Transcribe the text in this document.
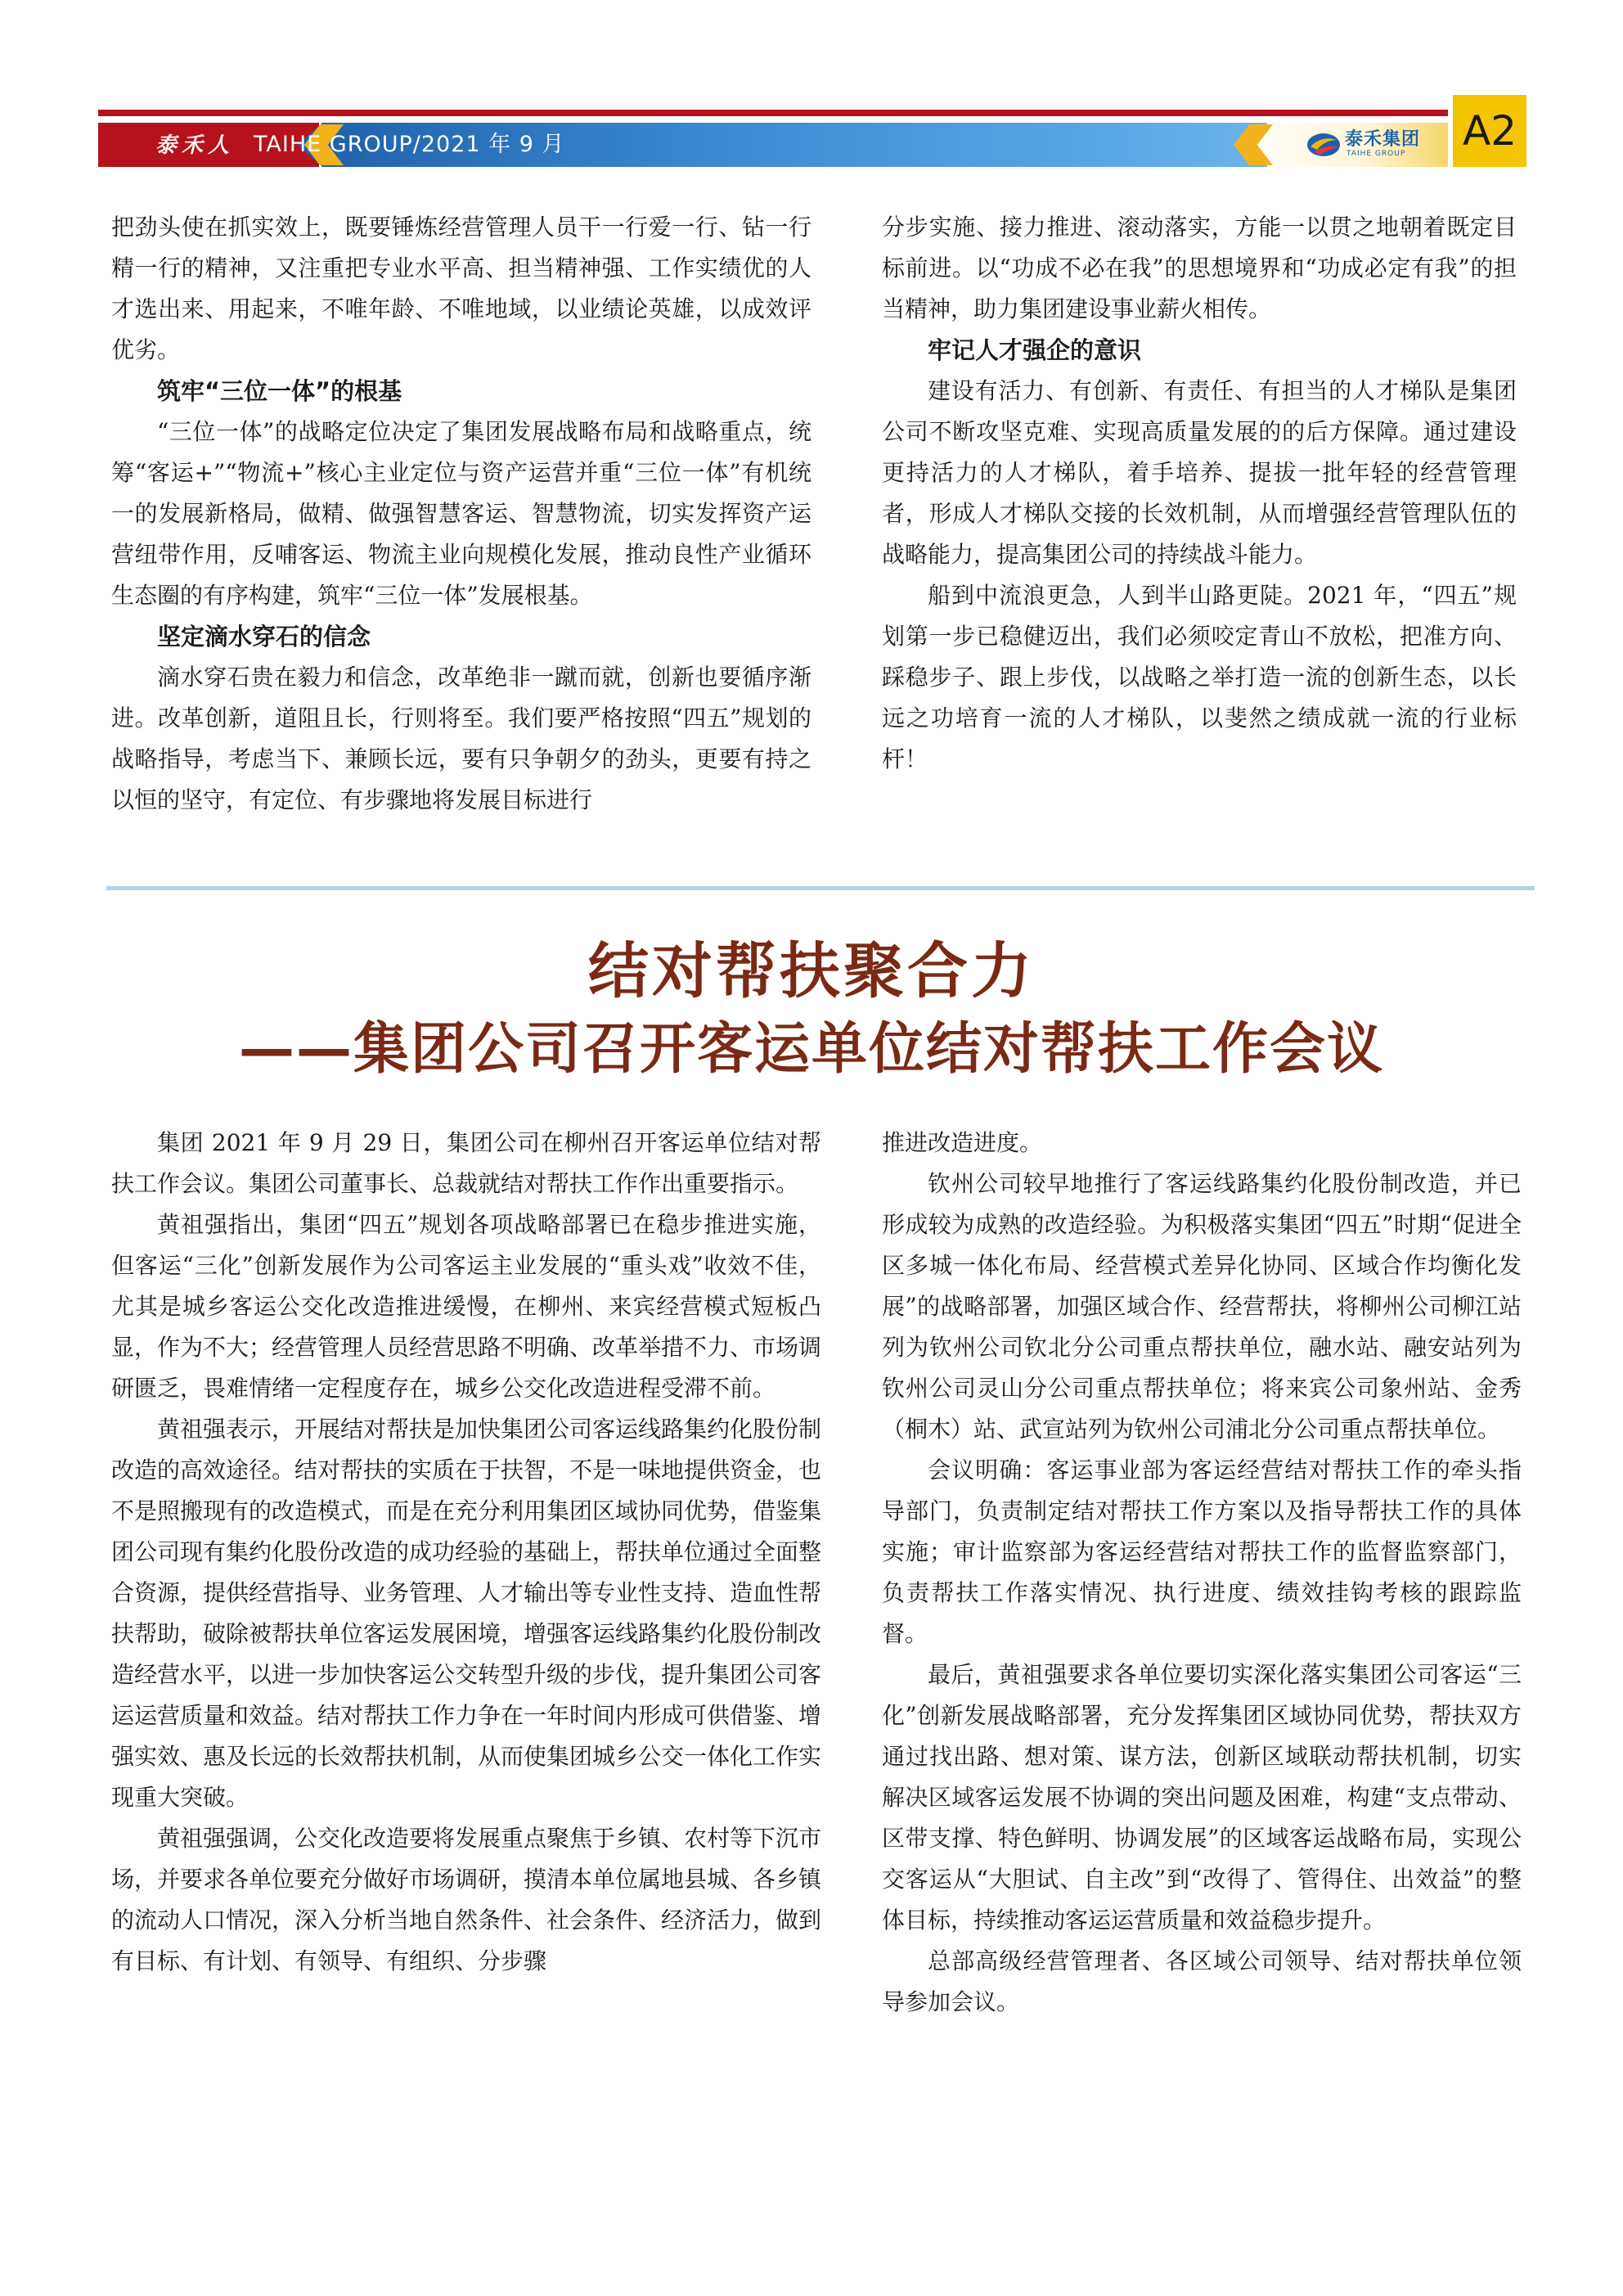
泰禾人 TAIHE GROUP/2021 年 9 月	泰禾集团
TAIHE GROUP A2

把劲头使在抓实效上，既要锤炼经营管理人员干一行爱一行、钻一行精一行的精神，又注重把专业水平高、担当精神强、工作实绩优的人才选出来、用起来，不唯年龄、不唯地域，以业绩论英雄，以成效评优劣。

筑牢“三位一体”的根基

“三位一体”的战略定位决定了集团发展战略布局和战略重点，统筹“客运+”“物流+”核心主业定位与资产运营并重“三位一体”有机统一的发展新格局，做精、做强智慧客运、智慧物流，切实发挥资产运营纽带作用，反哺客运、物流主业向规模化发展，推动良性产业循环生态圈的有序构建，筑牢“三位一体”发展根基。

坚定滴水穿石的信念

滴水穿石贵在毅力和信念，改革绝非一蹴而就，创新也要循序渐进。改革创新，道阻且长，行则将至。我们要严格按照“四五”规划的战略指导，考虑当下、兼顾长远，要有只争朝夕的劲头，更要有持之以恒的坚守，有定位、有步骤地将发展目标进行

分步实施、接力推进、滚动落实，方能一以贯之地朝着既定目标前进。以“功成不必在我”的思想境界和“功成必定有我”的担当精神，助力集团建设事业薪火相传。

牢记人才强企的意识

建设有活力、有创新、有责任、有担当的人才梯队是集团公司不断攻坚克难、实现高质量发展的的后方保障。通过建设更持活力的人才梯队，着手培养、提拔一批年轻的经营管理者，形成人才梯队交接的长效机制，从而增强经营管理队伍的战略能力，提高集团公司的持续战斗能力。

船到中流浪更急，人到半山路更陡。2021 年，“四五”规划第一步已稳健迈出，我们必须咬定青山不放松，把准方向、踩稳步子、跟上步伐，以战略之举打造一流的创新生态，以长远之功培育一流的人才梯队，以斐然之绩成就一流的行业标杆！

结对帮扶聚合力
——集团公司召开客运单位结对帮扶工作会议

集团 2021 年 9 月 29 日，集团公司在柳州召开客运单位结对帮扶工作会议。集团公司董事长、总裁就结对帮扶工作作出重要指示。

黄祖强指出，集团“四五”规划各项战略部署已在稳步推进实施，但客运“三化”创新发展作为公司客运主业发展的“重头戏”收效不佳，尤其是城乡客运公交化改造推进缓慢，在柳州、来宾经营模式短板凸显，作为不大；经营管理人员经营思路不明确、改革举措不力、市场调研匮乏，畏难情绪一定程度存在，城乡公交化改造进程受滞不前。

黄祖强表示，开展结对帮扶是加快集团公司客运线路集约化股份制改造的高效途径。结对帮扶的实质在于扶智，不是一味地提供资金，也不是照搬现有的改造模式，而是在充分利用集团区域协同优势，借鉴集团公司现有集约化股份改造的成功经验的基础上，帮扶单位通过全面整合资源，提供经营指导、业务管理、人才输出等专业性支持、造血性帮扶帮助，破除被帮扶单位客运发展困境，增强客运线路集约化股份制改造经营水平，以进一步加快客运公交转型升级的步伐，提升集团公司客运运营质量和效益。结对帮扶工作力争在一年时间内形成可供借鉴、增强实效、惠及长远的长效帮扶机制，从而使集团城乡公交一体化工作实现重大突破。

黄祖强强调，公交化改造要将发展重点聚焦于乡镇、农村等下沉市场，并要求各单位要充分做好市场调研，摸清本单位属地县城、各乡镇的流动人口情况，深入分析当地自然条件、社会条件、经济活力，做到有目标、有计划、有领导、有组织、分步骤

推进改造进度。

钦州公司较早地推行了客运线路集约化股份制改造，并已形成较为成熟的改造经验。为积极落实集团“四五”时期“促进全区多城一体化布局、经营模式差异化协同、区域合作均衡化发展”的战略部署，加强区域合作、经营帮扶，将柳州公司柳江站列为钦州公司钦北分公司重点帮扶单位，融水站、融安站列为钦州公司灵山分公司重点帮扶单位；将来宾公司象州站、金秀（桐木）站、武宣站列为钦州公司浦北分公司重点帮扶单位。

会议明确：客运事业部为客运经营结对帮扶工作的牵头指导部门，负责制定结对帮扶工作方案以及指导帮扶工作的具体实施；审计监察部为客运经营结对帮扶工作的监督监察部门，负责帮扶工作落实情况、执行进度、绩效挂钩考核的跟踪监督。

最后，黄祖强要求各单位要切实深化落实集团公司客运“三化”创新发展战略部署，充分发挥集团区域协同优势，帮扶双方通过找出路、想对策、谋方法，创新区域联动帮扶机制，切实解决区域客运发展不协调的突出问题及困难，构建“支点带动、区带支撑、特色鲜明、协调发展”的区域客运战略布局，实现公交客运从“大胆试、自主改”到“改得了、管得住、出效益”的整体目标，持续推动客运运营质量和效益稳步提升。

总部高级经营管理者、各区域公司领导、结对帮扶单位领导参加会议。
